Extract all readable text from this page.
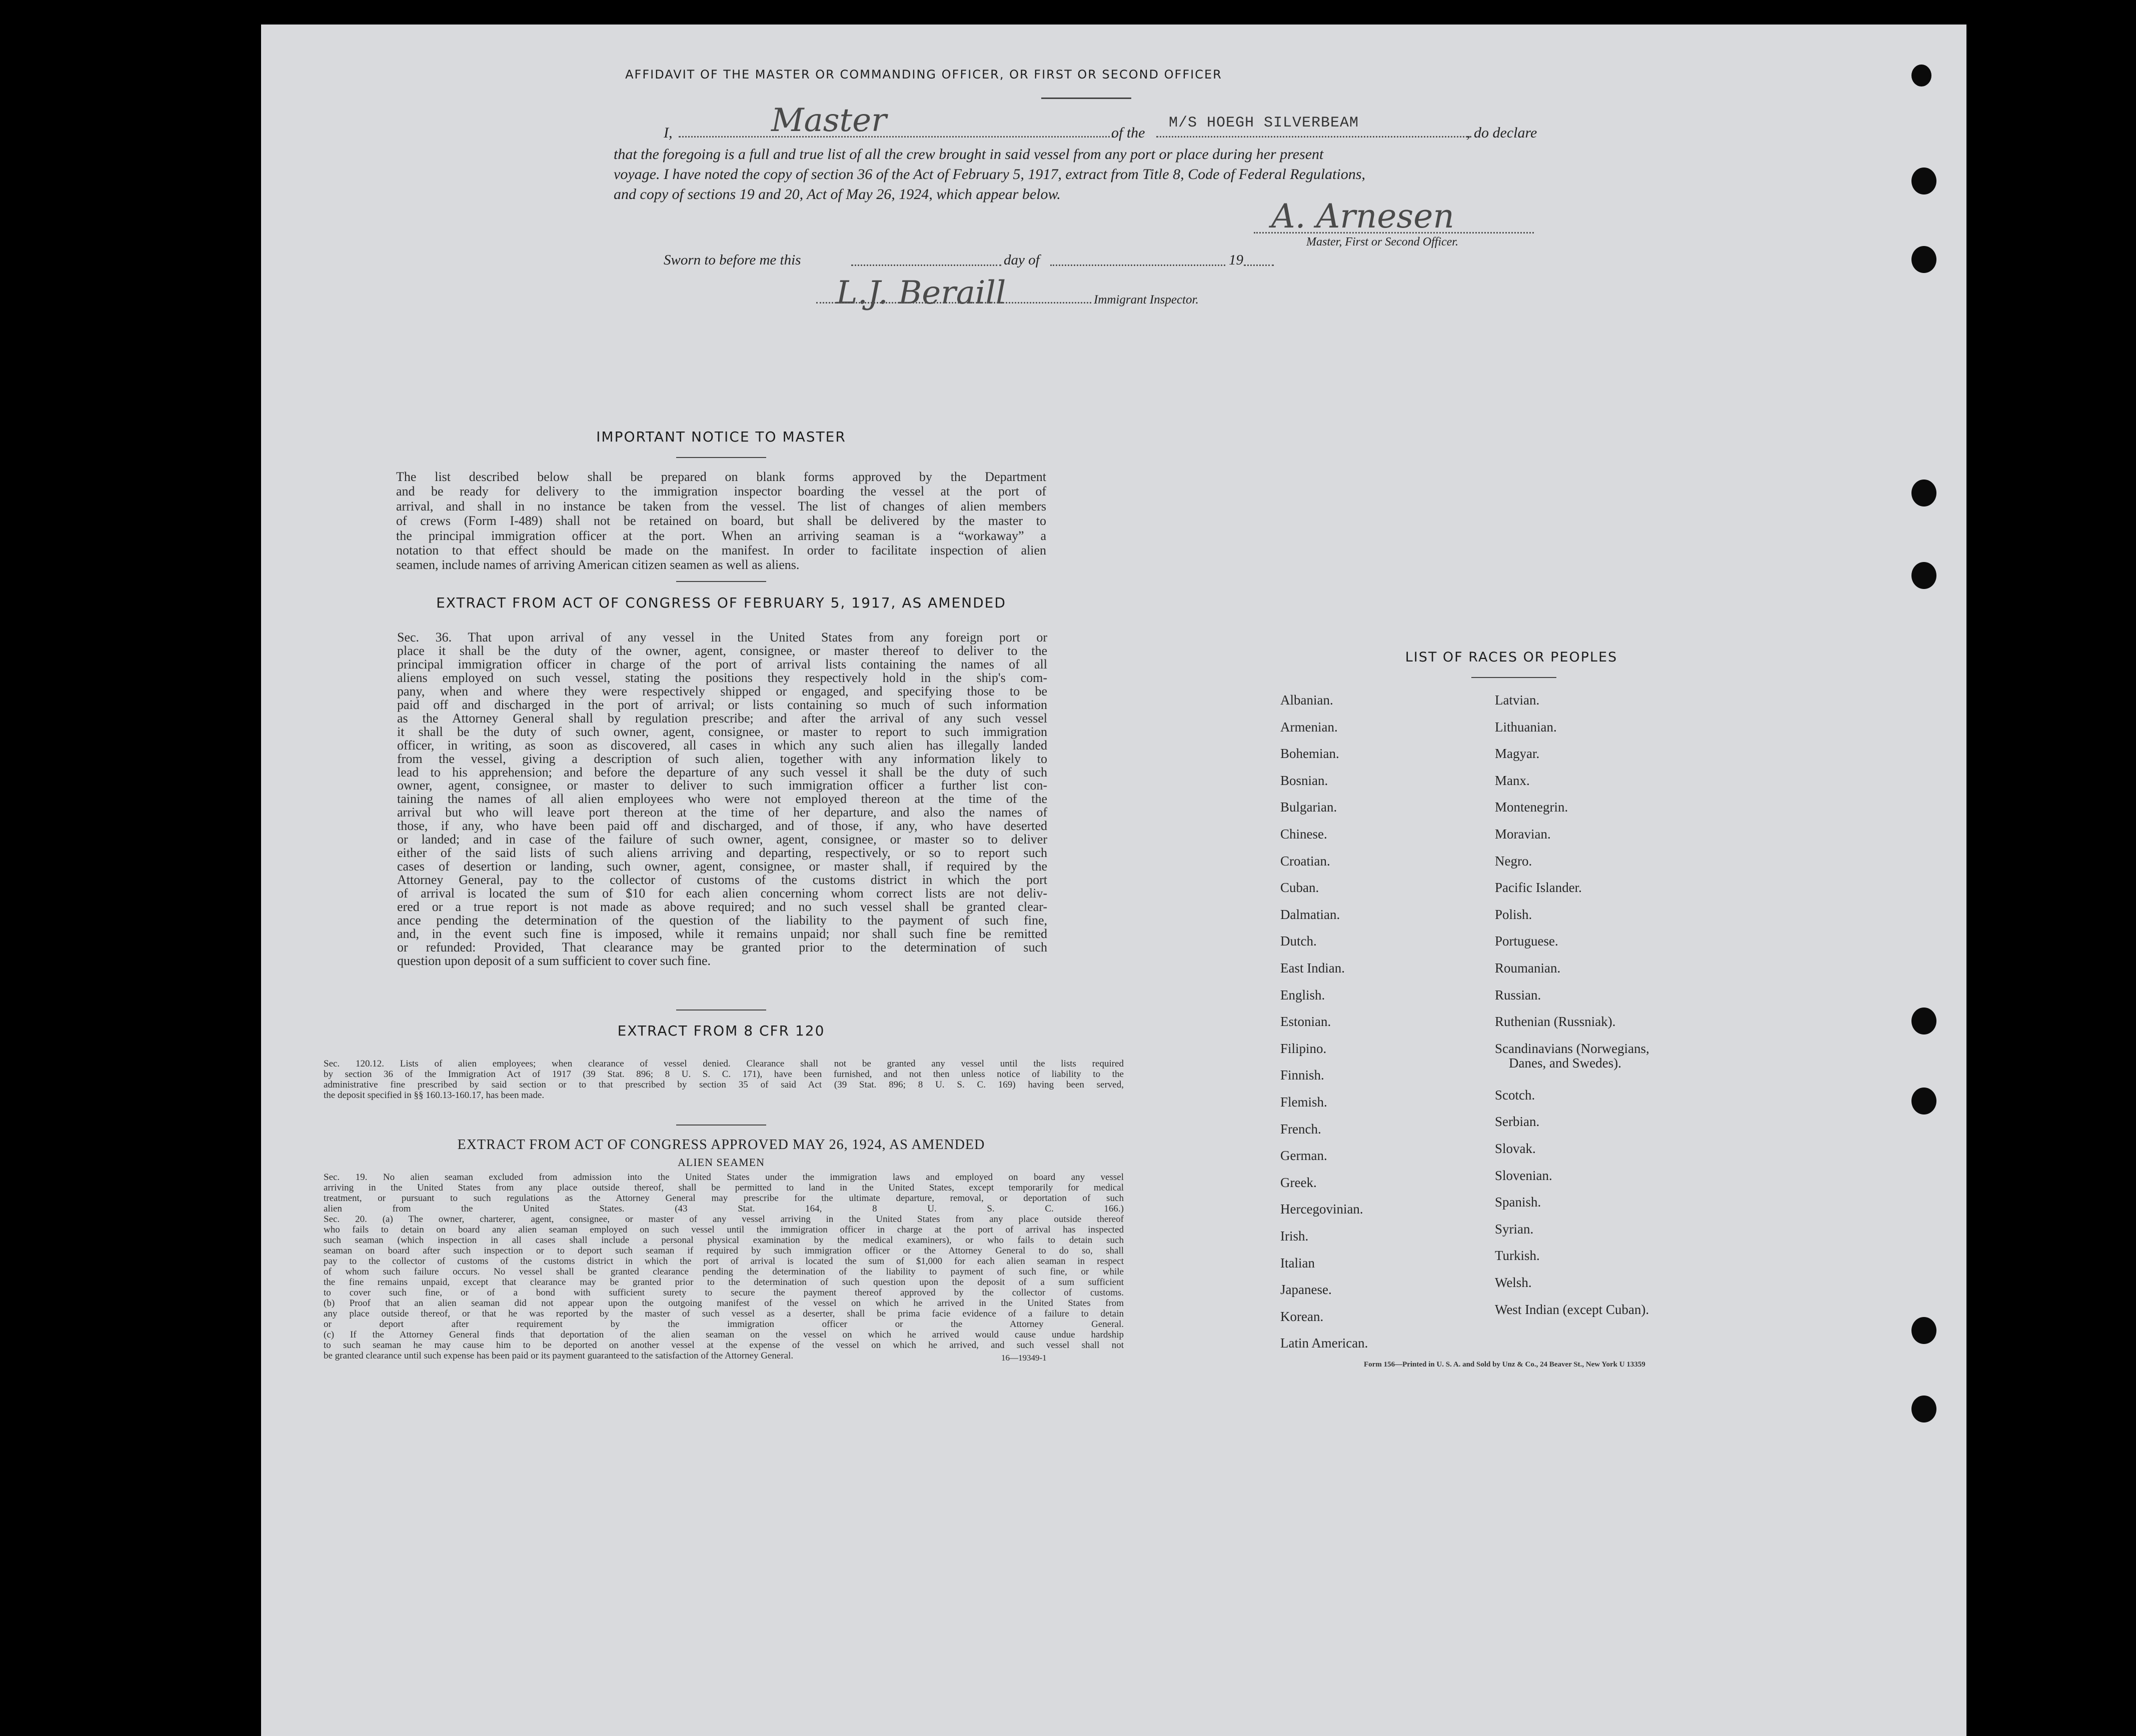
AFFIDAVIT OF THE MASTER OR COMMANDING OFFICER, OR FIRST OR SECOND OFFICER
I,	Master	of the
M/S HOEGH SILVERBEAM
, do declare
that the foregoing is a full and true list of all the crew brought in said vessel from any port or place during her present
voyage. I have noted the copy of section 36 of the Act of February 5, 1917, extract from Title 8, Code of Federal Regulations,
and copy of sections 19 and 20, Act of May 26, 1924, which appear below.
A. Arnesen
Master, First or Second Officer.
Sworn to before me this	day of	19
L.J. Beraill	Immigrant Inspector.
IMPORTANT NOTICE TO MASTER
The list described below shall be prepared on blank forms approved by the Department
and be ready for delivery to the immigration inspector boarding the vessel at the port of
arrival, and shall in no instance be taken from the vessel. The list of changes of alien members
of crews (Form I-489) shall not be retained on board, but shall be delivered by the master to
the principal immigration officer at the port. When an arriving seaman is a “workaway” a
notation to that effect should be made on the manifest. In order to facilitate inspection of alien
seamen, include names of arriving American citizen seamen as well as aliens.
EXTRACT FROM ACT OF CONGRESS OF FEBRUARY 5, 1917, AS AMENDED
Sec. 36. That upon arrival of any vessel in the United States from any foreign port or
place it shall be the duty of the owner, agent, consignee, or master thereof to deliver to the
principal immigration officer in charge of the port of arrival lists containing the names of all
aliens employed on such vessel, stating the positions they respectively hold in the ship's com-
pany, when and where they were respectively shipped or engaged, and specifying those to be
paid off and discharged in the port of arrival; or lists containing so much of such information
as the Attorney General shall by regulation prescribe; and after the arrival of any such vessel
it shall be the duty of such owner, agent, consignee, or master to report to such immigration
officer, in writing, as soon as discovered, all cases in which any such alien has illegally landed
from the vessel, giving a description of such alien, together with any information likely to
lead to his apprehension; and before the departure of any such vessel it shall be the duty of such
owner, agent, consignee, or master to deliver to such immigration officer a further list con-
taining the names of all alien employees who were not employed thereon at the time of the
arrival but who will leave port thereon at the time of her departure, and also the names of
those, if any, who have been paid off and discharged, and of those, if any, who have deserted
or landed; and in case of the failure of such owner, agent, consignee, or master so to deliver
either of the said lists of such aliens arriving and departing, respectively, or so to report such
cases of desertion or landing, such owner, agent, consignee, or master shall, if required by the
Attorney General, pay to the collector of customs of the customs district in which the port
of arrival is located the sum of $10 for each alien concerning whom correct lists are not deliv-
ered or a true report is not made as above required; and no such vessel shall be granted clear-
ance pending the determination of the question of the liability to the payment of such fine,
and, in the event such fine is imposed, while it remains unpaid; nor shall such fine be remitted
or refunded: Provided, That clearance may be granted prior to the determination of such
question upon deposit of a sum sufficient to cover such fine.
EXTRACT FROM 8 CFR 120
Sec. 120.12. Lists of alien employees; when clearance of vessel denied. Clearance shall not be granted any vessel until the lists required
by section 36 of the Immigration Act of 1917 (39 Stat. 896; 8 U. S. C. 171), have been furnished, and not then unless notice of liability to the
administrative fine prescribed by said section or to that prescribed by section 35 of said Act (39 Stat. 896; 8 U. S. C. 169) having been served,
the deposit specified in §§ 160.13-160.17, has been made.
EXTRACT FROM ACT OF CONGRESS APPROVED MAY 26, 1924, AS AMENDED
ALIEN SEAMEN
Sec. 19. No alien seaman excluded from admission into the United States under the immigration laws and employed on board any vessel
arriving in the United States from any place outside thereof, shall be permitted to land in the United States, except temporarily for medical
treatment, or pursuant to such regulations as the Attorney General may prescribe for the ultimate departure, removal, or deportation of such
alien from the United States. (43 Stat. 164, 8 U. S. C. 166.)
Sec. 20. (a) The owner, charterer, agent, consignee, or master of any vessel arriving in the United States from any place outside thereof
who fails to detain on board any alien seaman employed on such vessel until the immigration officer in charge at the port of arrival has inspected
such seaman (which inspection in all cases shall include a personal physical examination by the medical examiners), or who fails to detain such
seaman on board after such inspection or to deport such seaman if required by such immigration officer or the Attorney General to do so, shall
pay to the collector of customs of the customs district in which the port of arrival is located the sum of $1,000 for each alien seaman in respect
of whom such failure occurs. No vessel shall be granted clearance pending the determination of the liability to payment of such fine, or while
the fine remains unpaid, except that clearance may be granted prior to the determination of such question upon the deposit of a sum sufficient
to cover such fine, or of a bond with sufficient surety to secure the payment thereof approved by the collector of customs.
(b) Proof that an alien seaman did not appear upon the outgoing manifest of the vessel on which he arrived in the United States from
any place outside thereof, or that he was reported by the master of such vessel as a deserter, shall be prima facie evidence of a failure to detain
or deport after requirement by the immigration officer or the Attorney General.
(c) If the Attorney General finds that deportation of the alien seaman on the vessel on which he arrived would cause undue hardship
to such seaman he may cause him to be deported on another vessel at the expense of the vessel on which he arrived, and such vessel shall not
be granted clearance until such expense has been paid or its payment guaranteed to the satisfaction of the Attorney General.	16—19349-1
LIST OF RACES OR PEOPLES
Albanian.
Armenian.
Bohemian.
Bosnian.
Bulgarian.
Chinese.
Croatian.
Cuban.
Dalmatian.
Dutch.
East Indian.
English.
Estonian.
Filipino.
Finnish.
Flemish.
French.
German.
Greek.
Hercegovinian.
Irish.
Italian
Japanese.
Korean.
Latin American.
Latvian.
Lithuanian.
Magyar.
Manx.
Montenegrin.
Moravian.
Negro.
Pacific Islander.
Polish.
Portuguese.
Roumanian.
Russian.
Ruthenian (Russniak).
Scandinavians (Norwegians,
Danes, and Swedes).
Scotch.
Serbian.
Slovak.
Slovenian.
Spanish.
Syrian.
Turkish.
Welsh.
West Indian (except Cuban).
Form 156—Printed in U. S. A. and Sold by Unz & Co., 24 Beaver St., New York U 13359
